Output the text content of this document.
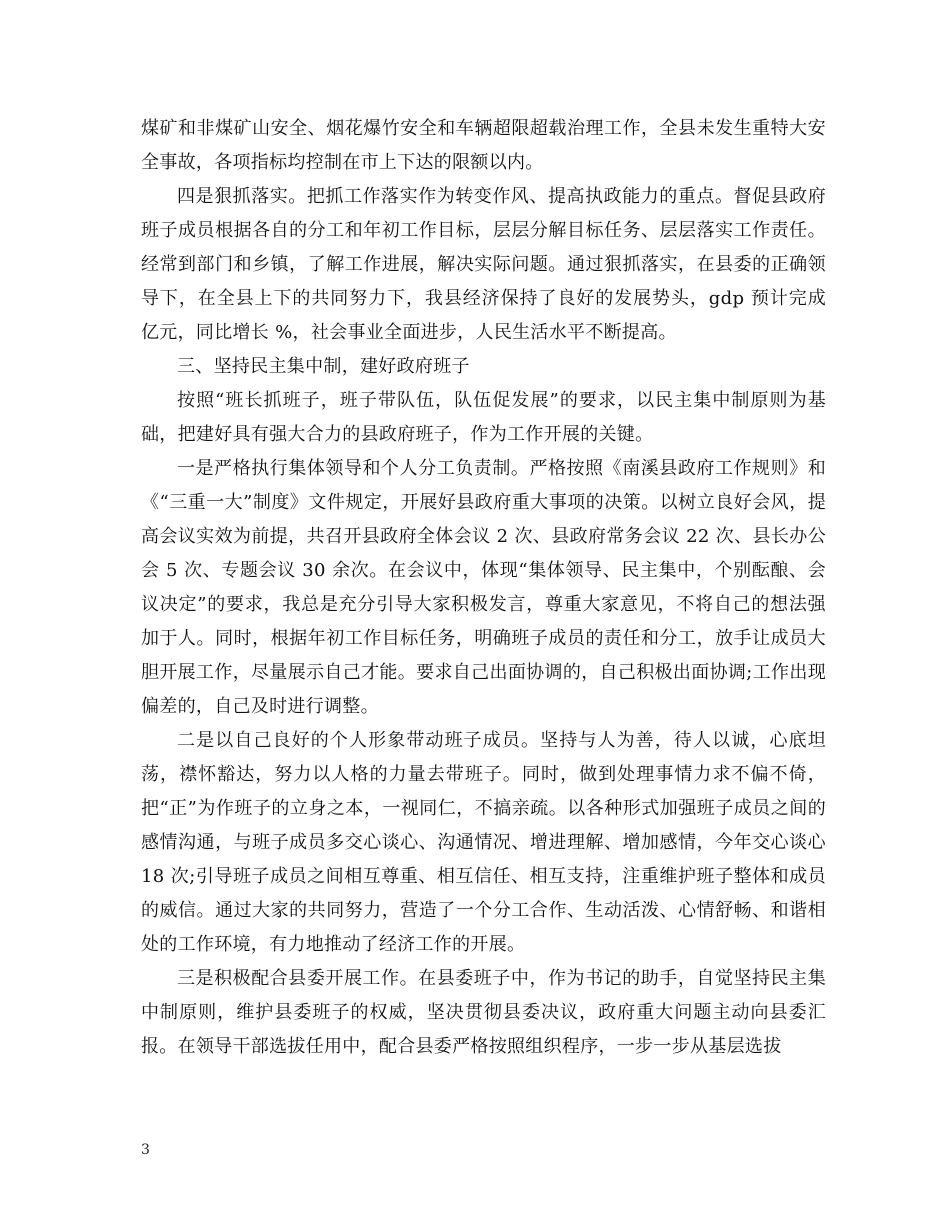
煤矿和非煤矿山安全、烟花爆竹安全和车辆超限超载治理工作，全县未发生重特大安全事故，各项指标均控制在市上下达的限额以内。

四是狠抓落实。把抓工作落实作为转变作风、提高执政能力的重点。督促县政府班子成员根据各自的分工和年初工作目标，层层分解目标任务、层层落实工作责任。经常到部门和乡镇，了解工作进展，解决实际问题。通过狠抓落实，在县委的正确领导下，在全县上下的共同努力下，我县经济保持了良好的发展势头，gdp 预计完成 亿元，同比增长 %，社会事业全面进步，人民生活水平不断提高。

三、坚持民主集中制，建好政府班子

按照“班长抓班子，班子带队伍，队伍促发展”的要求，以民主集中制原则为基础，把建好具有强大合力的县政府班子，作为工作开展的关键。

一是严格执行集体领导和个人分工负责制。严格按照《南溪县政府工作规则》和《“三重一大”制度》文件规定，开展好县政府重大事项的决策。以树立良好会风，提高会议实效为前提，共召开县政府全体会议 2 次、县政府常务会议 22 次、县长办公会 5 次、专题会议 30 余次。在会议中，体现“集体领导、民主集中，个别酝酿、会议决定”的要求，我总是充分引导大家积极发言，尊重大家意见，不将自己的想法强加于人。同时，根据年初工作目标任务，明确班子成员的责任和分工，放手让成员大胆开展工作，尽量展示自己才能。要求自己出面协调的，自己积极出面协调;工作出现偏差的，自己及时进行调整。

二是以自己良好的个人形象带动班子成员。坚持与人为善，待人以诚，心底坦荡，襟怀豁达，努力以人格的力量去带班子。同时，做到处理事情力求不偏不倚，把“正”为作班子的立身之本，一视同仁，不搞亲疏。以各种形式加强班子成员之间的感情沟通，与班子成员多交心谈心、沟通情况、增进理解、增加感情，今年交心谈心 18 次;引导班子成员之间相互尊重、相互信任、相互支持，注重维护班子整体和成员的威信。通过大家的共同努力，营造了一个分工合作、生动活泼、心情舒畅、和谐相处的工作环境，有力地推动了经济工作的开展。

三是积极配合县委开展工作。在县委班子中，作为书记的助手，自觉坚持民主集中制原则，维护县委班子的权威，坚决贯彻县委决议，政府重大问题主动向县委汇报。在领导干部选拔任用中，配合县委严格按照组织程序，一步一步从基层选拔

3
